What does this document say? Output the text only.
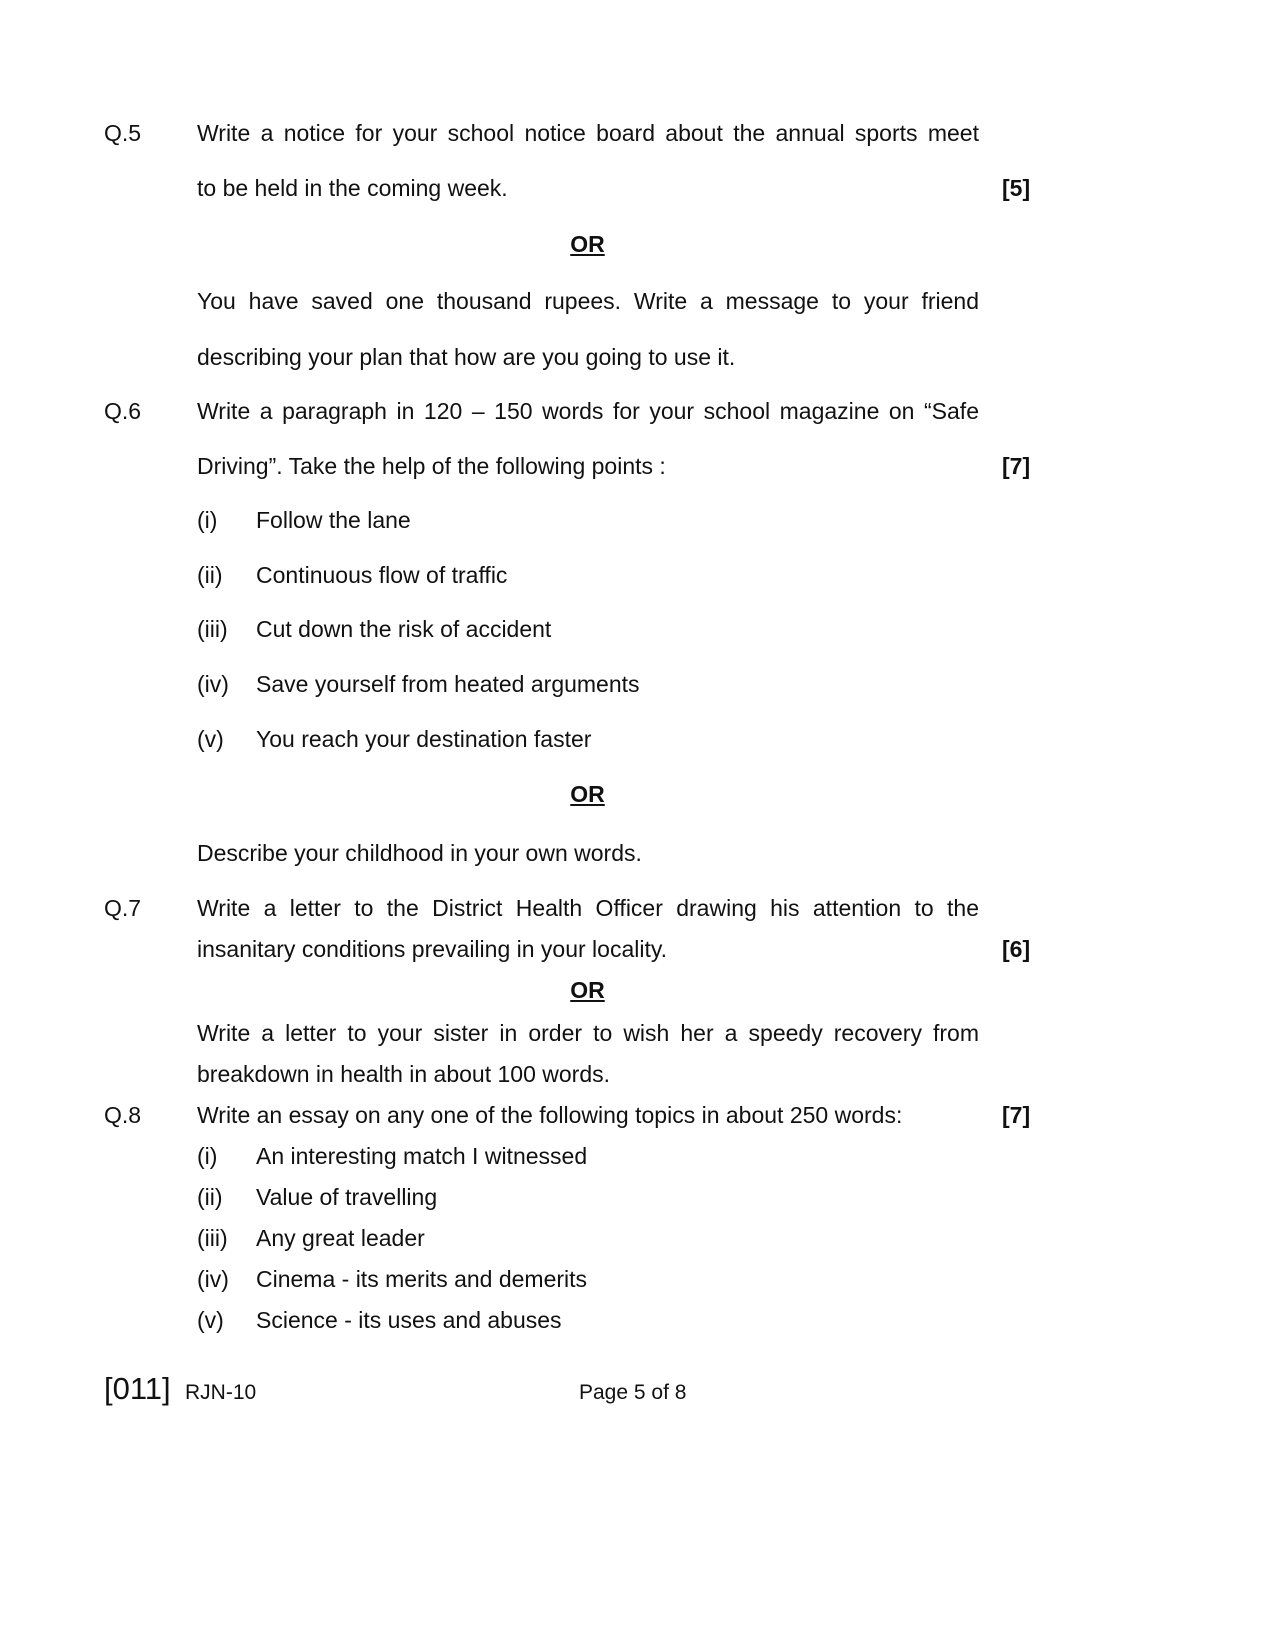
Q.5 Write a notice for your school notice board about the annual sports meet
to be held in the coming week.	[5]
OR
You have saved one thousand rupees. Write a message to your friend
describing your plan that how are you going to use it.
Q.6 Write a paragraph in 120 – 150 words for your school magazine on “Safe
Driving”. Take the help of the following points :	[7]
(i) Follow the lane
(ii) Continuous flow of traffic
(iii) Cut down the risk of accident
(iv) Save yourself from heated arguments
(v) You reach your destination faster
OR
Describe your childhood in your own words.
Q.7 Write a letter to the District Health Officer drawing his attention to the
insanitary conditions prevailing in your locality.	[6]
OR
Write a letter to your sister in order to wish her a speedy recovery from
breakdown in health in about 100 words.
Q.8 Write an essay on any one of the following topics in about 250 words:	[7]
(i) An interesting match I witnessed
(ii) Value of travelling
(iii) Any great leader
(iv) Cinema - its merits and demerits
(v) Science - its uses and abuses
[011] RJN-10	Page 5 of 8
